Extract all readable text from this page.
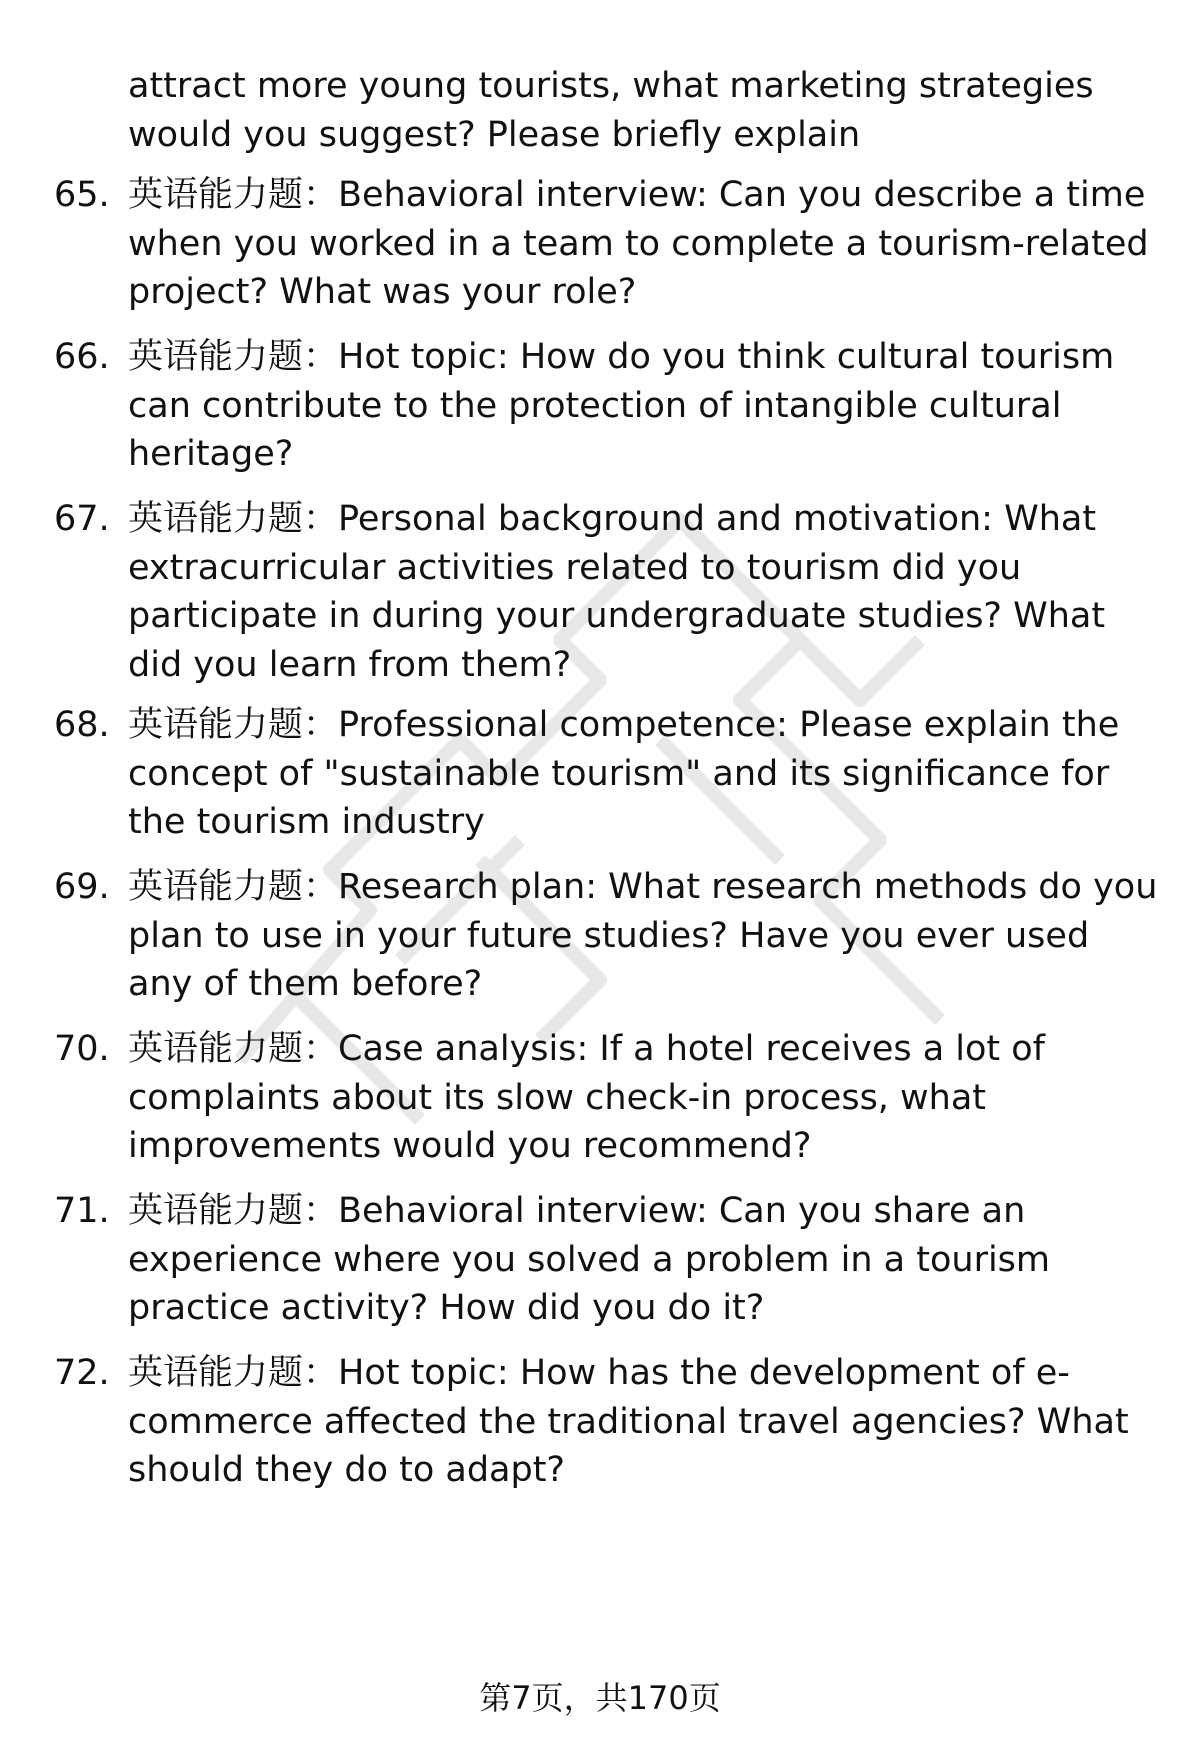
attract more young tourists, what marketing strategies would you suggest? Please briefly explain
65. 英语能力题：Behavioral interview: Can you describe a time when you worked in a team to complete a tourism-related project? What was your role?
66. 英语能力题：Hot topic: How do you think cultural tourism can contribute to the protection of intangible cultural heritage?
67. 英语能力题：Personal background and motivation: What extracurricular activities related to tourism did you participate in during your undergraduate studies? What did you learn from them?
68. 英语能力题：Professional competence: Please explain the concept of "sustainable tourism" and its significance for the tourism industry
69. 英语能力题：Research plan: What research methods do you plan to use in your future studies? Have you ever used any of them before?
70. 英语能力题：Case analysis: If a hotel receives a lot of complaints about its slow check-in process, what improvements would you recommend?
71. 英语能力题：Behavioral interview: Can you share an experience where you solved a problem in a tourism practice activity? How did you do it?
72. 英语能力题：Hot topic: How has the development of e-commerce affected the traditional travel agencies? What should they do to adapt?
第7页，共170页
